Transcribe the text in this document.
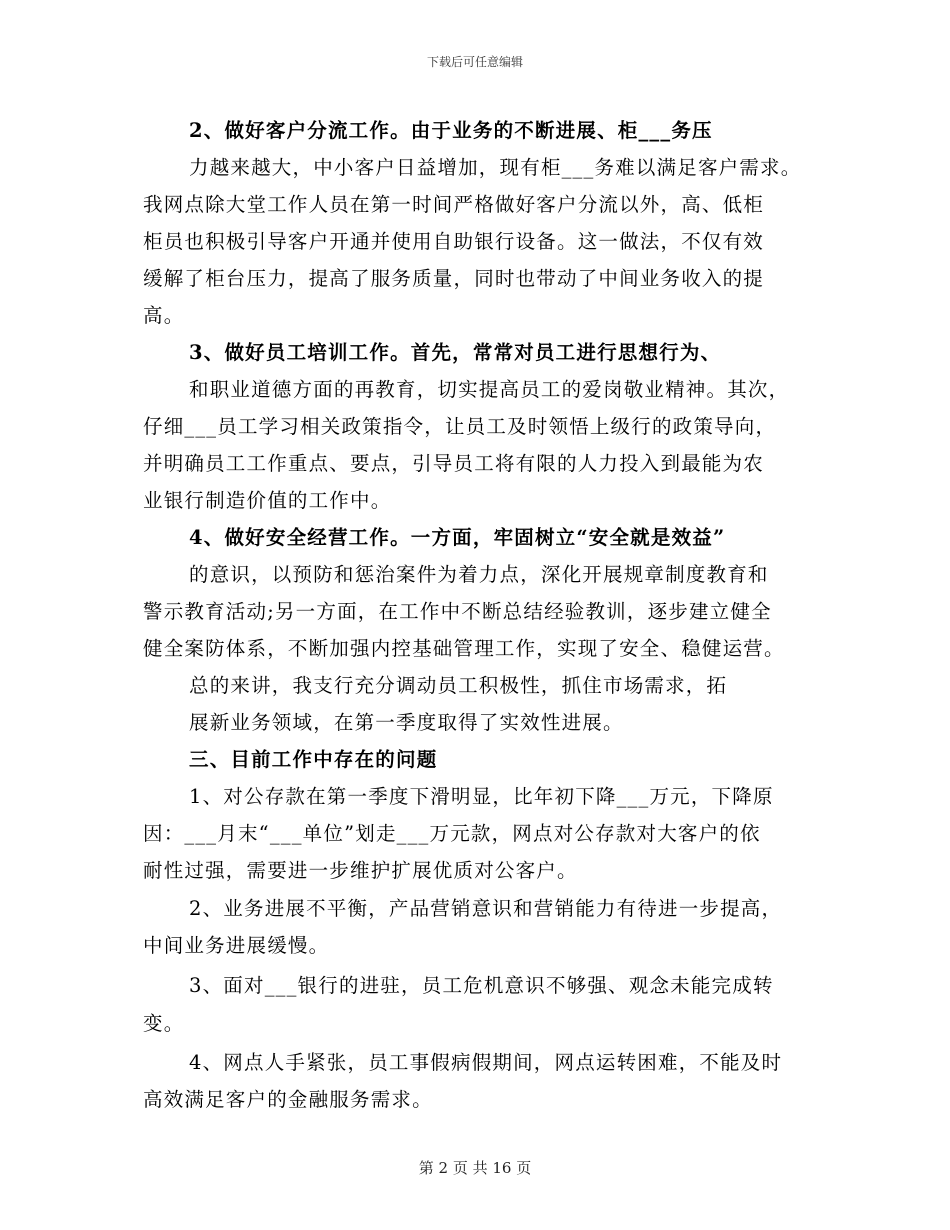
下载后可任意编辑
2、做好客户分流工作。由于业务的不断进展、柜___务压
力越来越大，中小客户日益增加，现有柜___务难以满足客户需求。
我网点除大堂工作人员在第一时间严格做好客户分流以外，高、低柜
柜员也积极引导客户开通并使用自助银行设备。这一做法，不仅有效
缓解了柜台压力，提高了服务质量，同时也带动了中间业务收入的提
高。
3、做好员工培训工作。首先，常常对员工进行思想行为、
和职业道德方面的再教育，切实提高员工的爱岗敬业精神。其次，
仔细___员工学习相关政策指令，让员工及时领悟上级行的政策导向，
并明确员工工作重点、要点，引导员工将有限的人力投入到最能为农
业银行制造价值的工作中。
4、做好安全经营工作。一方面，牢固树立“安全就是效益”
的意识，以预防和惩治案件为着力点，深化开展规章制度教育和
警示教育活动;另一方面，在工作中不断总结经验教训，逐步建立健全
健全案防体系，不断加强内控基础管理工作，实现了安全、稳健运营。
总的来讲，我支行充分调动员工积极性，抓住市场需求，拓
展新业务领域，在第一季度取得了实效性进展。
三、目前工作中存在的问题
1、对公存款在第一季度下滑明显，比年初下降___万元，下降原
因：___月末“___单位”划走___万元款，网点对公存款对大客户的依
耐性过强，需要进一步维护扩展优质对公客户。
2、业务进展不平衡，产品营销意识和营销能力有待进一步提高，
中间业务进展缓慢。
3、面对___银行的进驻，员工危机意识不够强、观念未能完成转
变。
4、网点人手紧张，员工事假病假期间，网点运转困难，不能及时
高效满足客户的金融服务需求。
第 2 页 共 16 页
